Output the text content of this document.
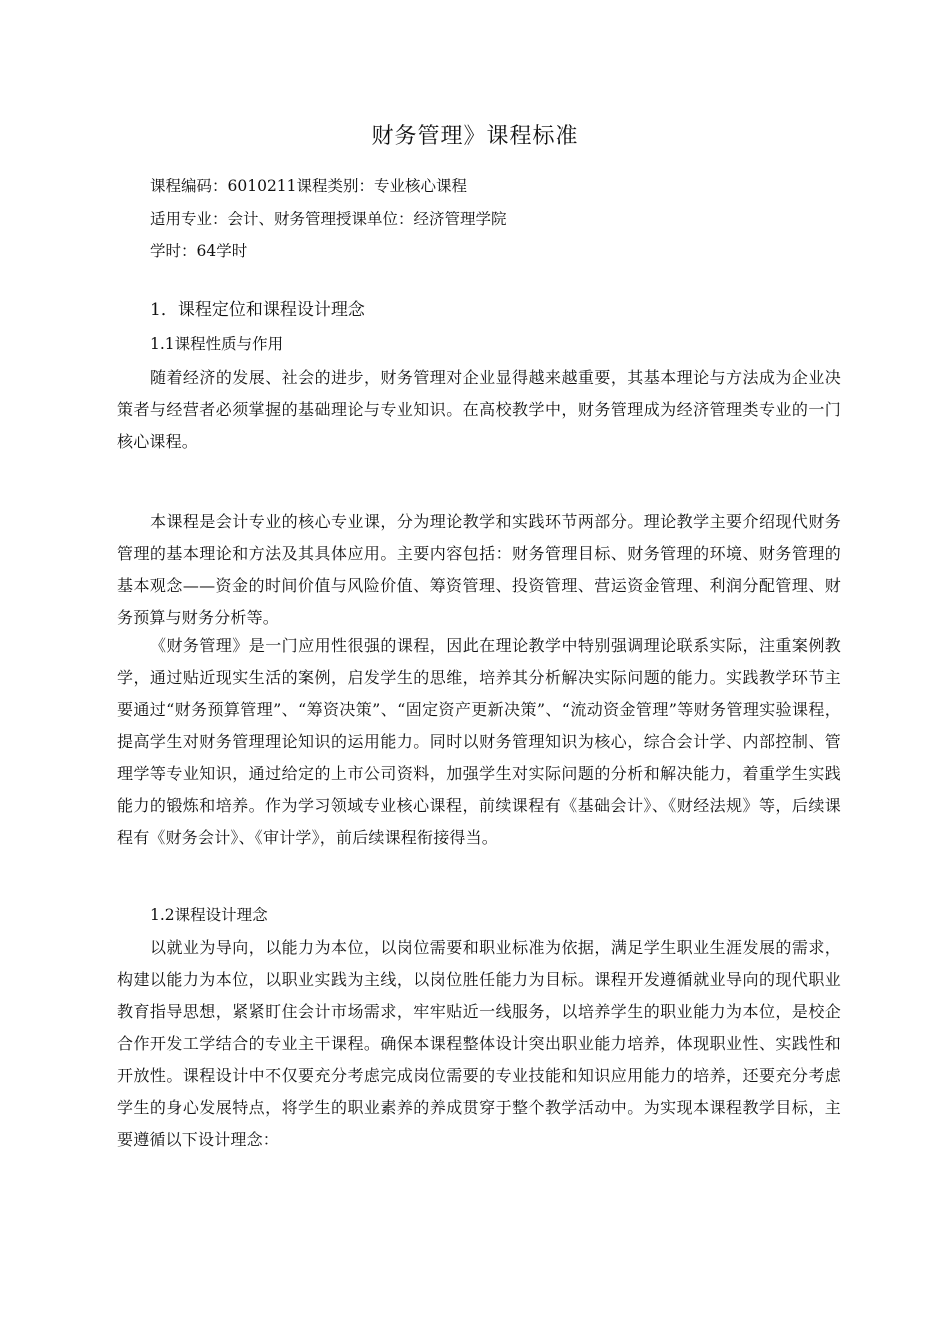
财务管理》课程标准
课程编码：6010211课程类别：专业核心课程
适用专业：会计、财务管理授课单位：经济管理学院
学时：64学时
1．课程定位和课程设计理念
1.1课程性质与作用
随着经济的发展、社会的进步，财务管理对企业显得越来越重要，其基本理论与方法成为企业决策者与经营者必须掌握的基础理论与专业知识。在高校教学中，财务管理成为经济管理类专业的一门核心课程。
本课程是会计专业的核心专业课，分为理论教学和实践环节两部分。理论教学主要介绍现代财务管理的基本理论和方法及其具体应用。主要内容包括：财务管理目标、财务管理的环境、财务管理的基本观念——资金的时间价值与风险价值、筹资管理、投资管理、营运资金管理、利润分配管理、财务预算与财务分析等。
《财务管理》是一门应用性很强的课程，因此在理论教学中特别强调理论联系实际，注重案例教学，通过贴近现实生活的案例，启发学生的思维，培养其分析解决实际问题的能力。实践教学环节主要通过“财务预算管理”、“筹资决策”、“固定资产更新决策”、“流动资金管理”等财务管理实验课程，提高学生对财务管理理论知识的运用能力。同时以财务管理知识为核心，综合会计学、内部控制、管理学等专业知识，通过给定的上市公司资料，加强学生对实际问题的分析和解决能力，着重学生实践能力的锻炼和培养。作为学习领域专业核心课程，前续课程有《基础会计》、《财经法规》等，后续课程有《财务会计》、《审计学》，前后续课程衔接得当。
1.2课程设计理念
以就业为导向，以能力为本位，以岗位需要和职业标准为依据，满足学生职业生涯发展的需求，构建以能力为本位，以职业实践为主线，以岗位胜任能力为目标。课程开发遵循就业导向的现代职业教育指导思想，紧紧盯住会计市场需求，牢牢贴近一线服务，以培养学生的职业能力为本位，是校企合作开发工学结合的专业主干课程。确保本课程整体设计突出职业能力培养，体现职业性、实践性和开放性。课程设计中不仅要充分考虑完成岗位需要的专业技能和知识应用能力的培养，还要充分考虑学生的身心发展特点，将学生的职业素养的养成贯穿于整个教学活动中。为实现本课程教学目标，主要遵循以下设计理念：
